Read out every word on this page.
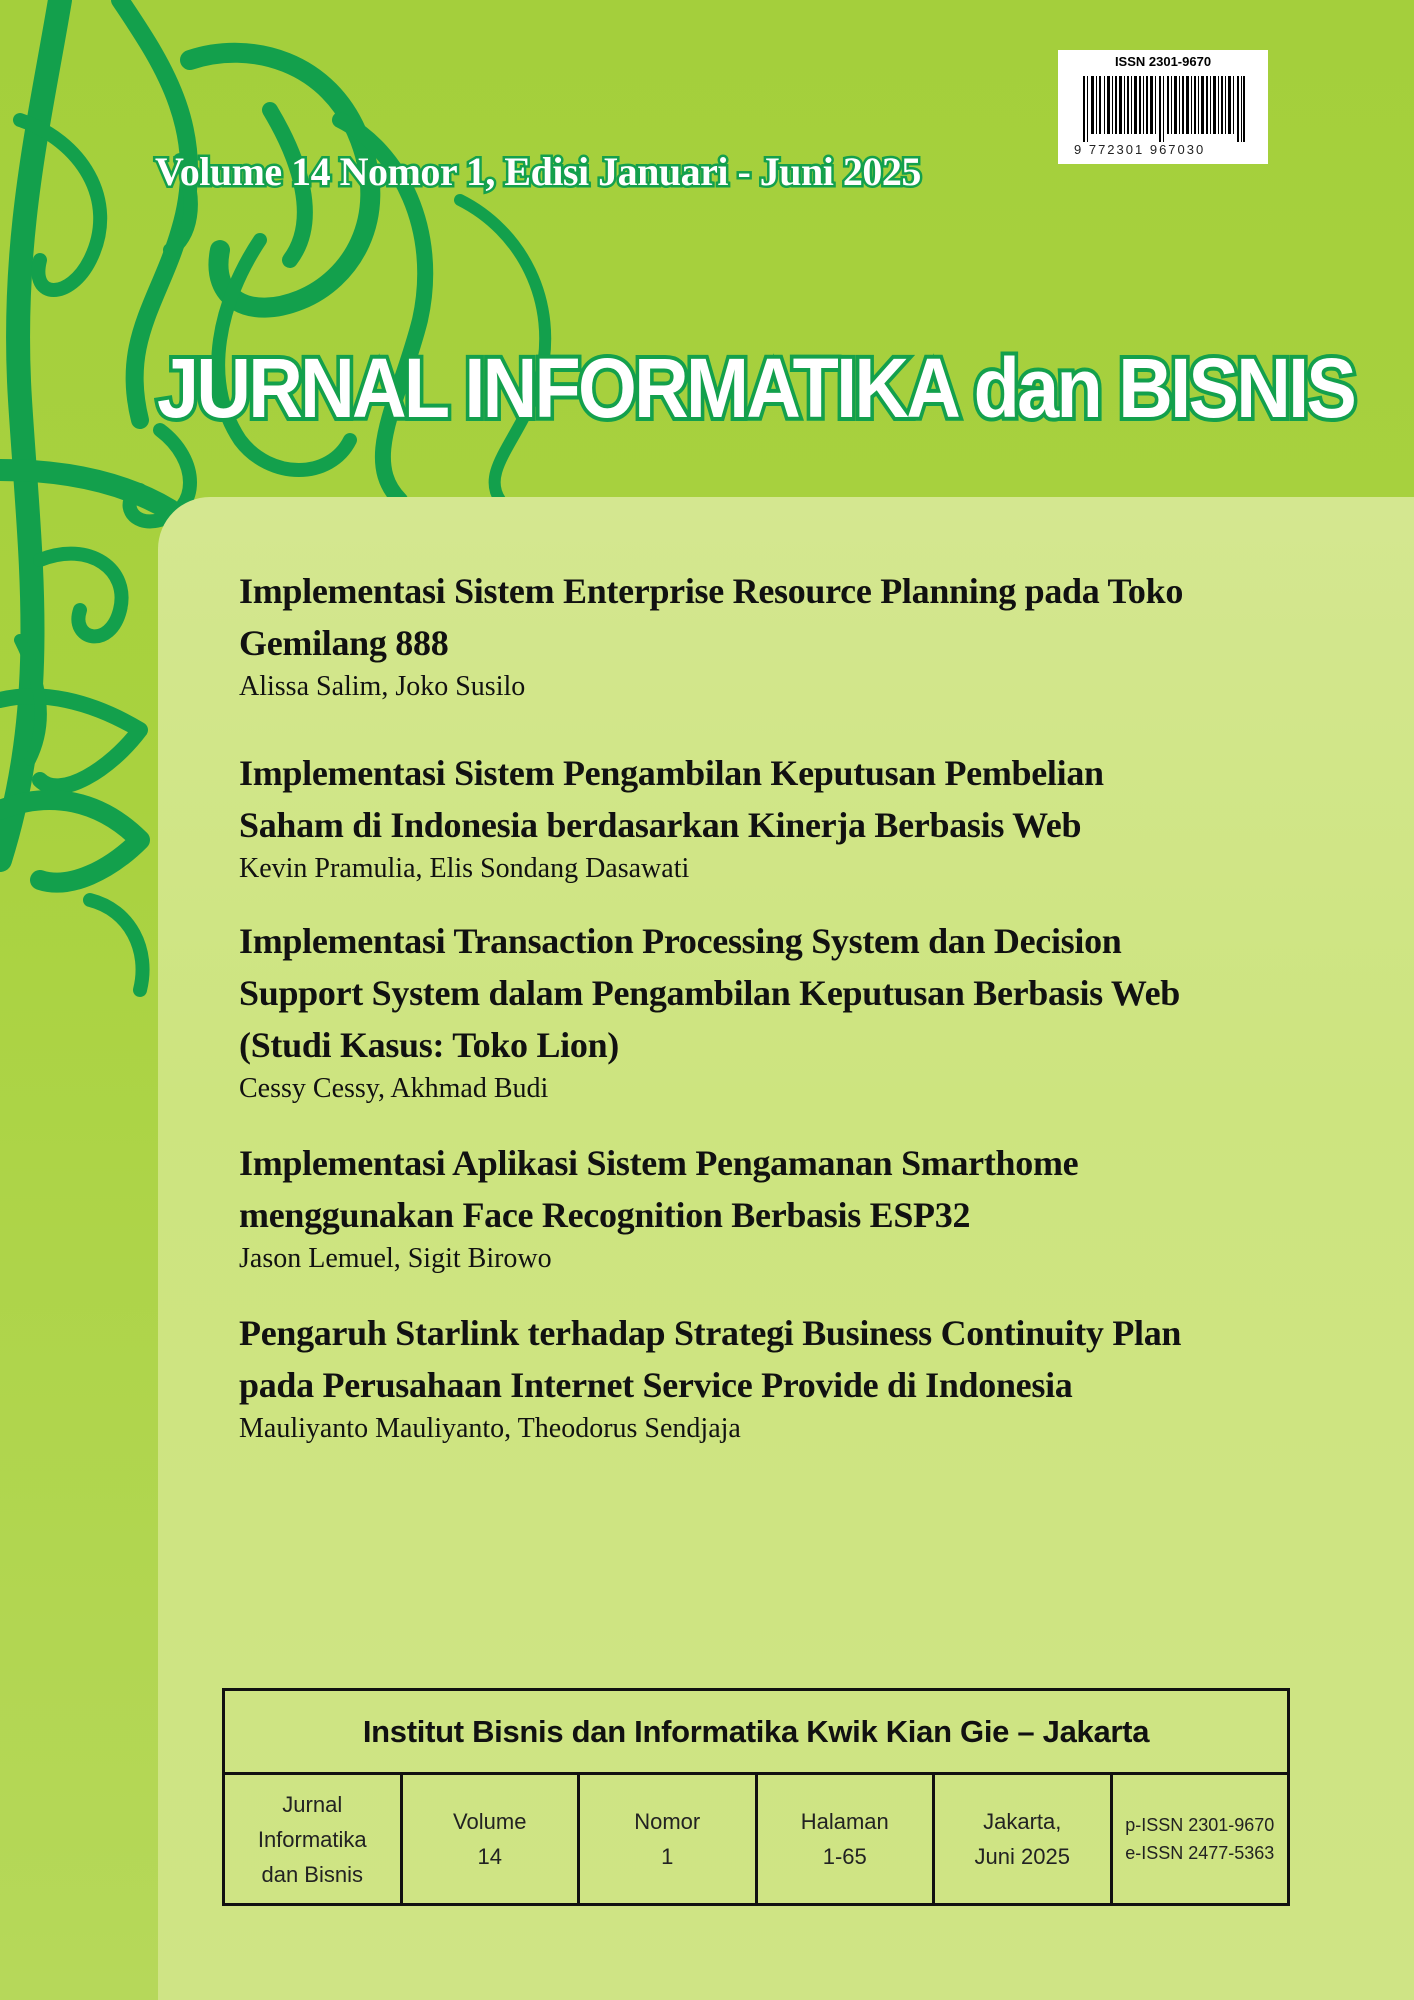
ISSN 2301-9670
9 772301 967030
Volume 14 Nomor 1, Edisi Januari - Juni 2025
JURNAL INFORMATIKA dan BISNIS
Implementasi Sistem Enterprise Resource Planning pada Toko
Gemilang 888
Alissa Salim, Joko Susilo
Implementasi Sistem Pengambilan Keputusan Pembelian
Saham di Indonesia berdasarkan Kinerja Berbasis Web
Kevin Pramulia, Elis Sondang Dasawati
Implementasi Transaction Processing System dan Decision
Support System dalam Pengambilan Keputusan Berbasis Web
(Studi Kasus: Toko Lion)
Cessy Cessy, Akhmad Budi
Implementasi Aplikasi Sistem Pengamanan Smarthome
menggunakan Face Recognition Berbasis ESP32
Jason Lemuel, Sigit Birowo
Pengaruh Starlink terhadap Strategi Business Continuity Plan
pada Perusahaan Internet Service Provide di Indonesia
Mauliyanto Mauliyanto, Theodorus Sendjaja
Institut Bisnis dan Informatika Kwik Kian Gie – Jakarta
Jurnal
Informatika
dan Bisnis
Volume
14
Nomor
1
Halaman
1-65
Jakarta,
Juni 2025
p-ISSN 2301-9670
e-ISSN 2477-5363
